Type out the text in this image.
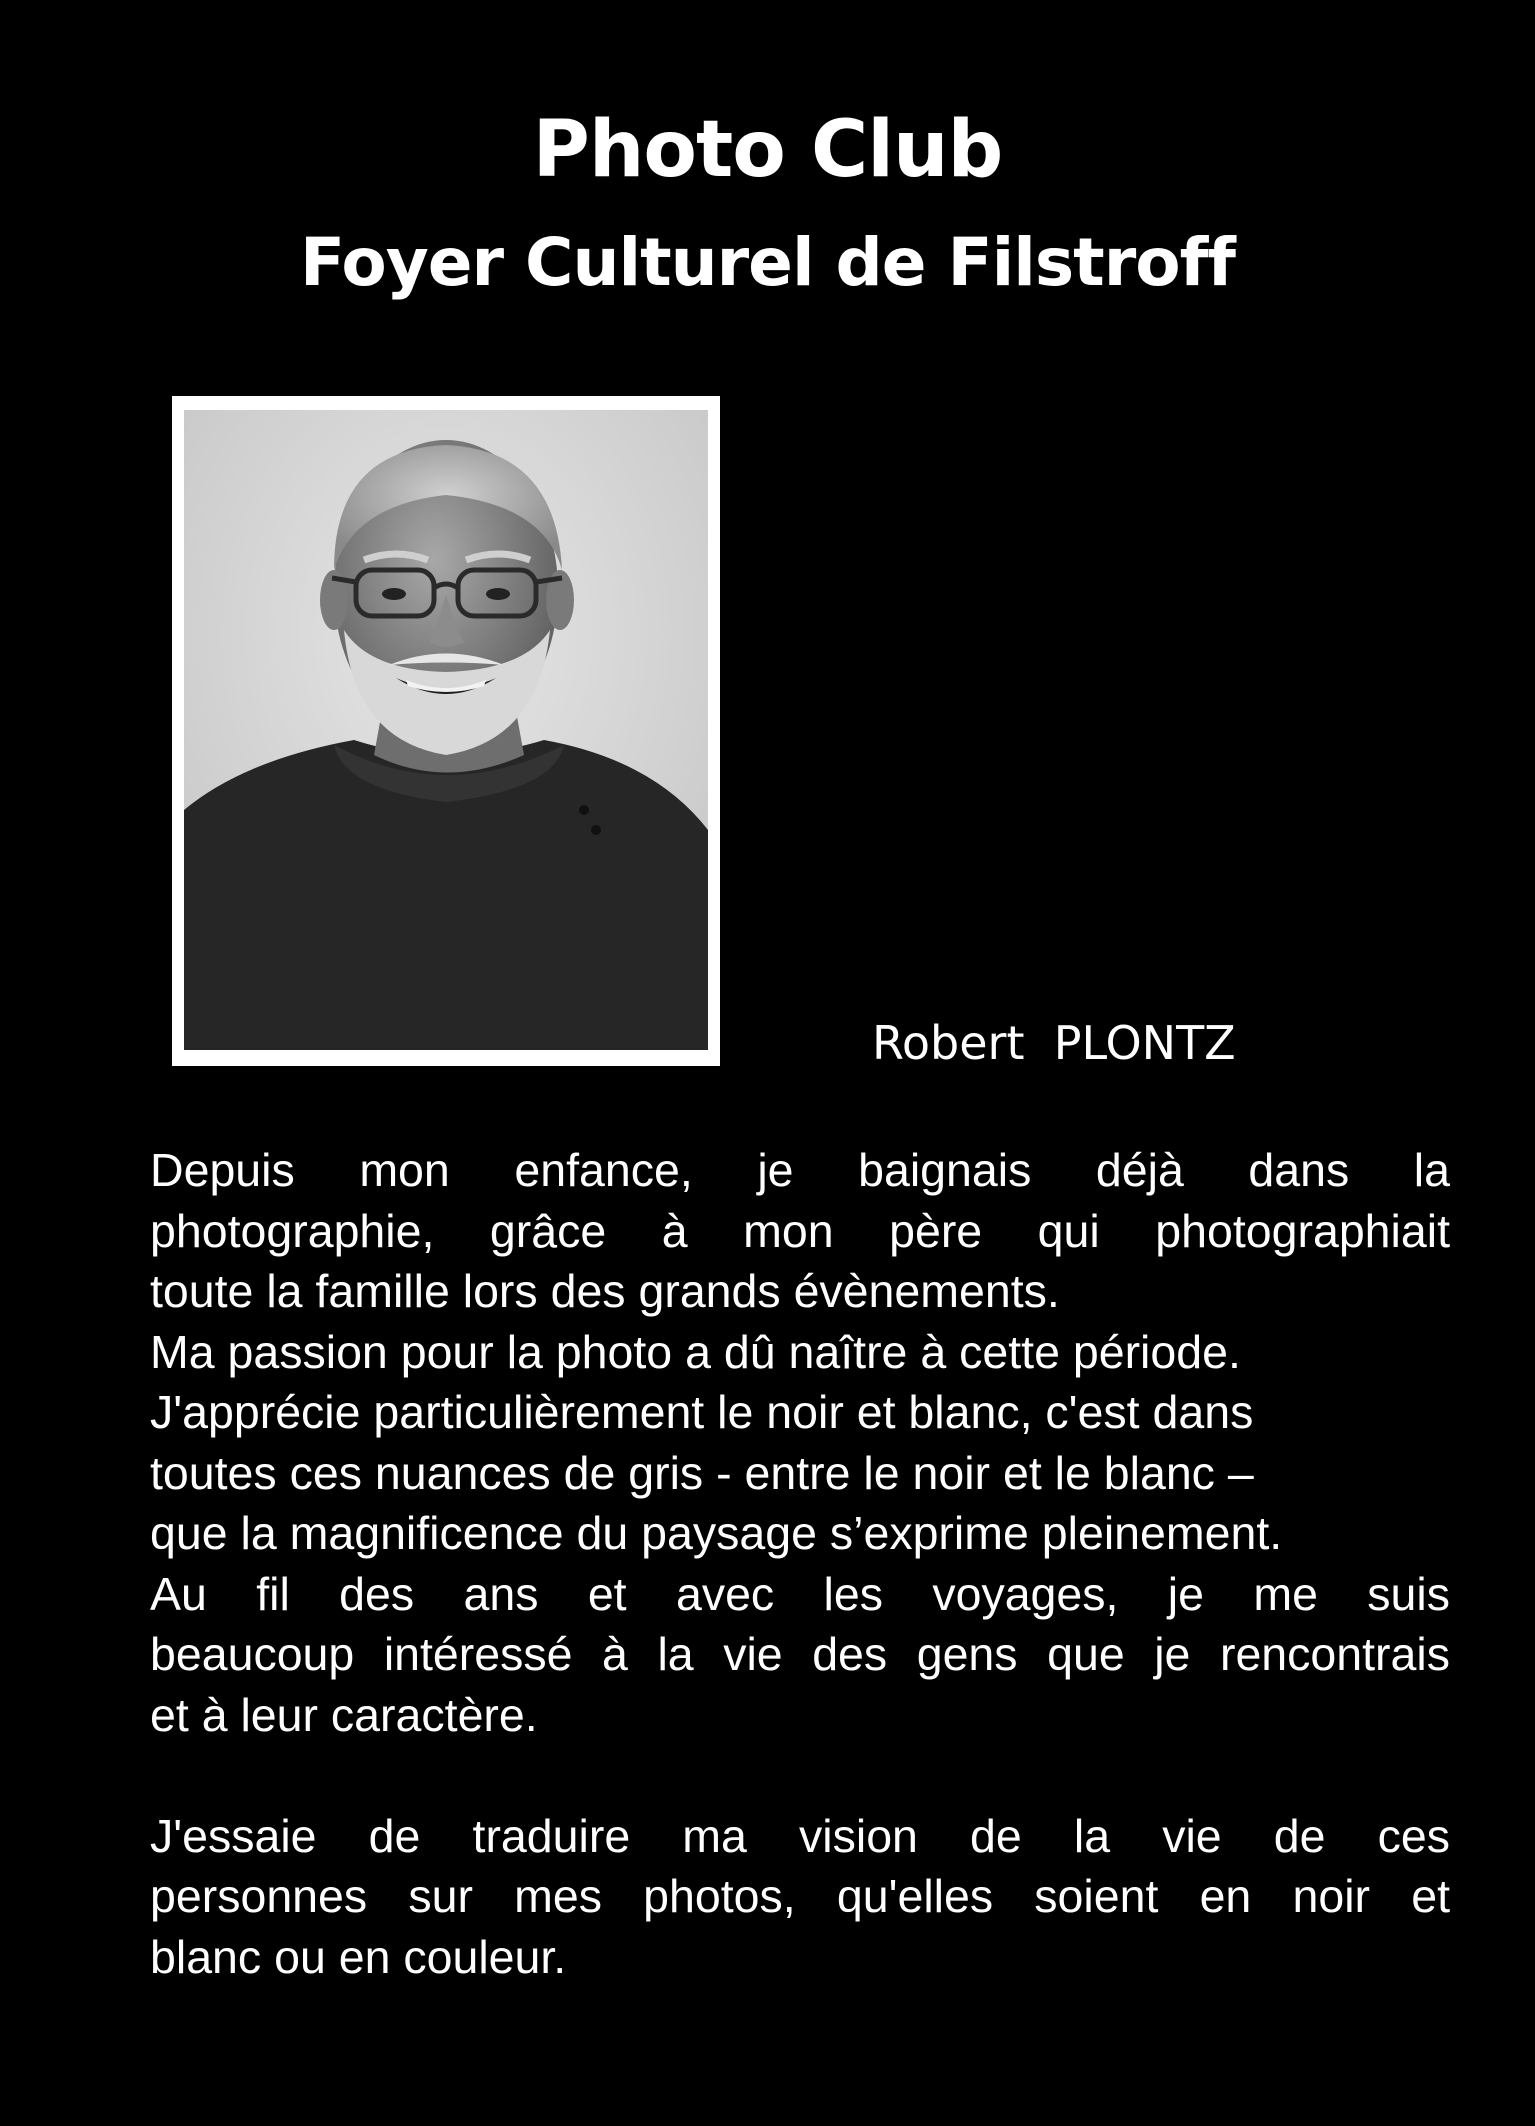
Photo Club
Foyer Culturel de Filstroff

Robert  PLONTZ

Depuis mon enfance, je baignais déjà dans la

photographie, grâce à mon père qui photographiait

toute la famille lors des grands évènements.

Ma passion pour la photo a dû naître à cette période.

J'apprécie particulièrement le noir et blanc, c'est dans

toutes ces nuances de gris - entre le noir et le blanc –

que la magnificence du paysage s’exprime pleinement.

Au fil des ans et avec les voyages, je me suis

beaucoup intéressé à la vie des gens que je rencontrais

et à leur caractère.

J'essaie de traduire ma vision de la vie de ces

personnes sur mes photos, qu'elles soient en noir et

blanc ou en couleur.
